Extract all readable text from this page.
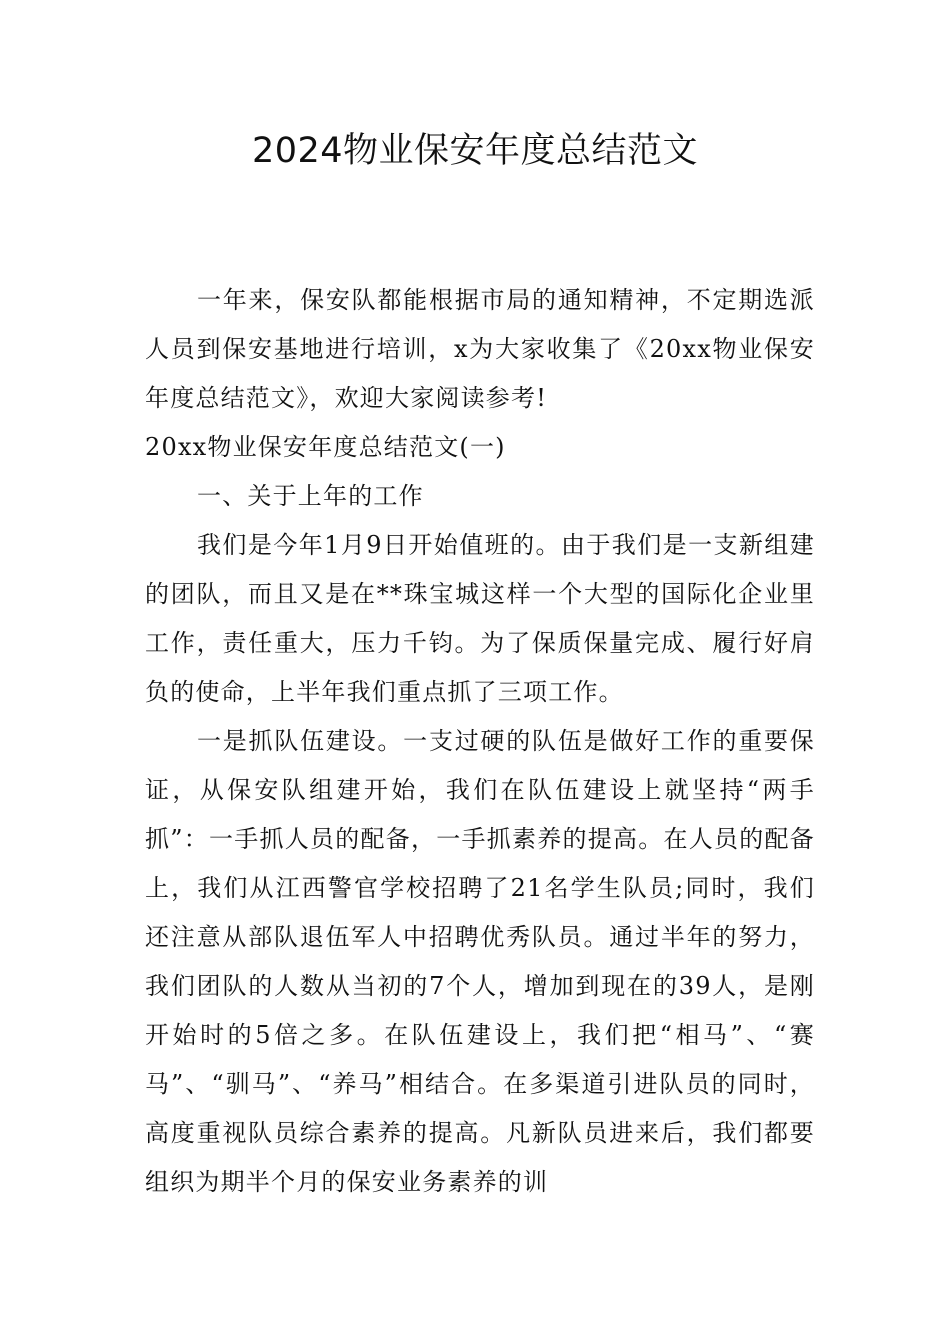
2024物业保安年度总结范文

一年来，保安队都能根据市局的通知精神，不定期选派人员到保安基地进行培训，x为大家收集了《20xx物业保安年度总结范文》，欢迎大家阅读参考!

20xx物业保安年度总结范文(一)

一、关于上年的工作

我们是今年1月9日开始值班的。由于我们是一支新组建的团队，而且又是在**珠宝城这样一个大型的国际化企业里工作，责任重大，压力千钧。为了保质保量完成、履行好肩负的使命，上半年我们重点抓了三项工作。

一是抓队伍建设。一支过硬的队伍是做好工作的重要保证，从保安队组建开始，我们在队伍建设上就坚持“两手抓”：一手抓人员的配备，一手抓素养的提高。在人员的配备上，我们从江西警官学校招聘了21名学生队员;同时，我们还注意从部队退伍军人中招聘优秀队员。通过半年的努力，我们团队的人数从当初的7个人，增加到现在的39人，是刚开始时的5倍之多。在队伍建设上，我们把“相马”、“赛马”、“驯马”、“养马”相结合。在多渠道引进队员的同时，高度重视队员综合素养的提高。凡新队员进来后，我们都要组织为期半个月的保安业务素养的训
